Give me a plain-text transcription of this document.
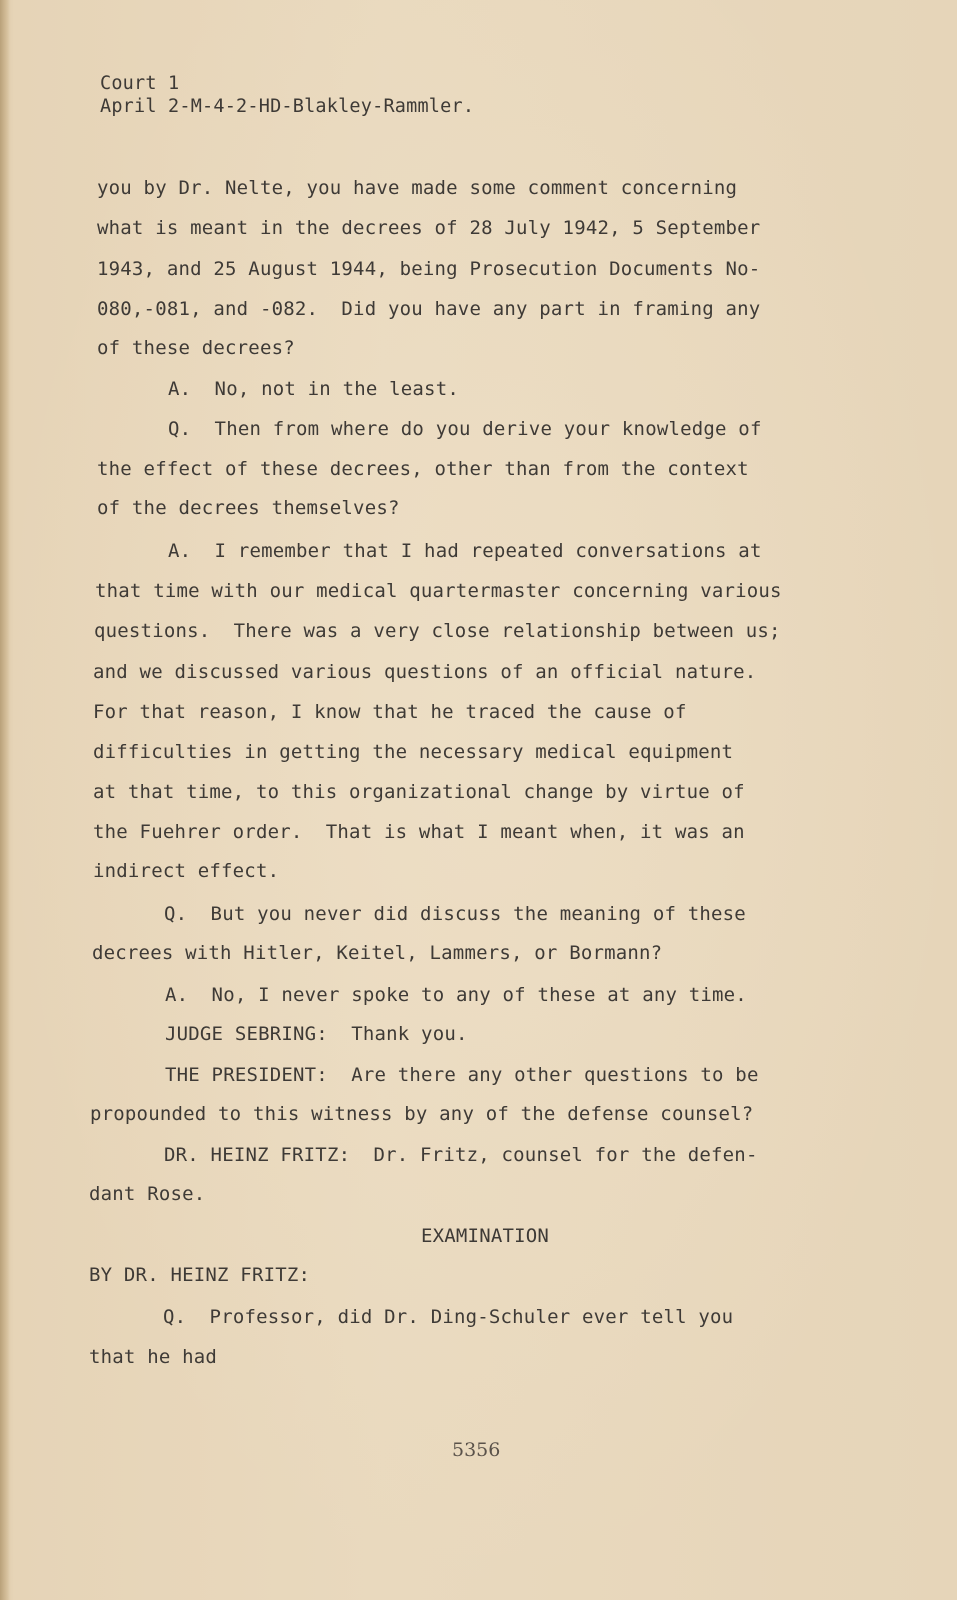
Court 1

April 2-M-4-2-HD-Blakley-Rammler.

you by Dr. Nelte, you have made some comment concerning

what is meant in the decrees of 28 July 1942, 5 September

1943, and 25 August 1944, being Prosecution Documents No-

080,-081, and -082.  Did you have any part in framing any

of these decrees?

A.  No, not in the least.

Q.  Then from where do you derive your knowledge of

the effect of these decrees, other than from the context

of the decrees themselves?

A.  I remember that I had repeated conversations at

that time with our medical quartermaster concerning various

questions.  There was a very close relationship between us;

and we discussed various questions of an official nature.

For that reason, I know that he traced the cause of

difficulties in getting the necessary medical equipment

at that time, to this organizational change by virtue of

the Fuehrer order.  That is what I meant when, it was an

indirect effect.

Q.  But you never did discuss the meaning of these

decrees with Hitler, Keitel, Lammers, or Bormann?

A.  No, I never spoke to any of these at any time.

JUDGE SEBRING:  Thank you.

THE PRESIDENT:  Are there any other questions to be

propounded to this witness by any of the defense counsel?

DR. HEINZ FRITZ:  Dr. Fritz, counsel for the defen-

dant Rose.

EXAMINATION

BY DR. HEINZ FRITZ:

Q.  Professor, did Dr. Ding-Schuler ever tell you

that he had

5356
